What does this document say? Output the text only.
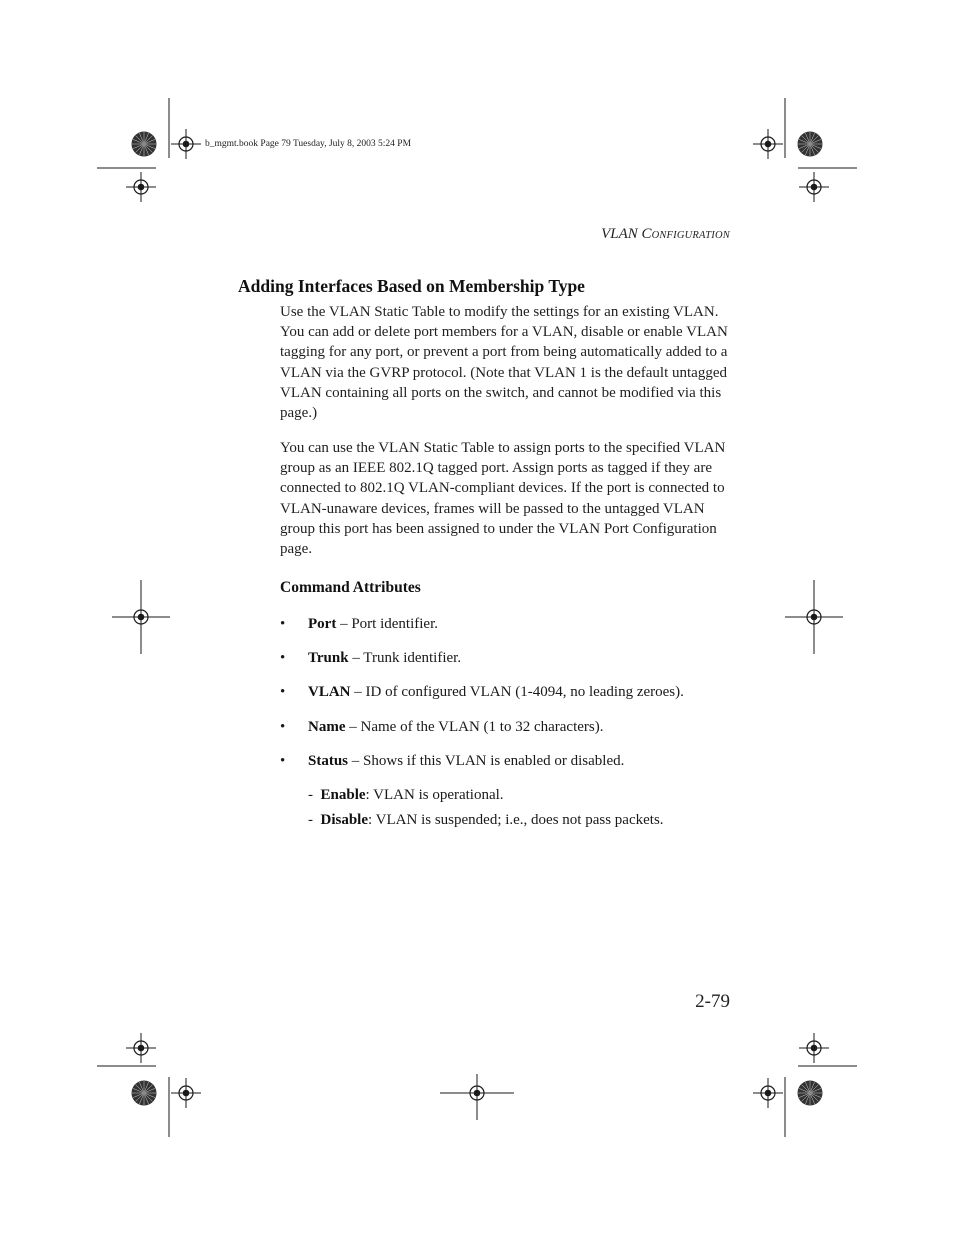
b_mgmt.book Page 79 Tuesday, July 8, 2003 5:24 PM
VLAN CONFIGURATION
Adding Interfaces Based on Membership Type

Use the VLAN Static Table to modify the settings for an existing VLAN. You can add or delete port members for a VLAN, disable or enable VLAN tagging for any port, or prevent a port from being automatically added to a VLAN via the GVRP protocol. (Note that VLAN 1 is the default untagged VLAN containing all ports on the switch, and cannot be modified via this page.)

You can use the VLAN Static Table to assign ports to the specified VLAN group as an IEEE 802.1Q tagged port. Assign ports as tagged if they are connected to 802.1Q VLAN-compliant devices. If the port is connected to VLAN-unaware devices, frames will be passed to the untagged VLAN group this port has been assigned to under the VLAN Port Configuration page.

Command Attributes
• Port – Port identifier.
• Trunk – Trunk identifier.
• VLAN – ID of configured VLAN (1-4094, no leading zeroes).
• Name – Name of the VLAN (1 to 32 characters).
• Status – Shows if this VLAN is enabled or disabled.
-  Enable: VLAN is operational.
-  Disable: VLAN is suspended; i.e., does not pass packets.
2-79
